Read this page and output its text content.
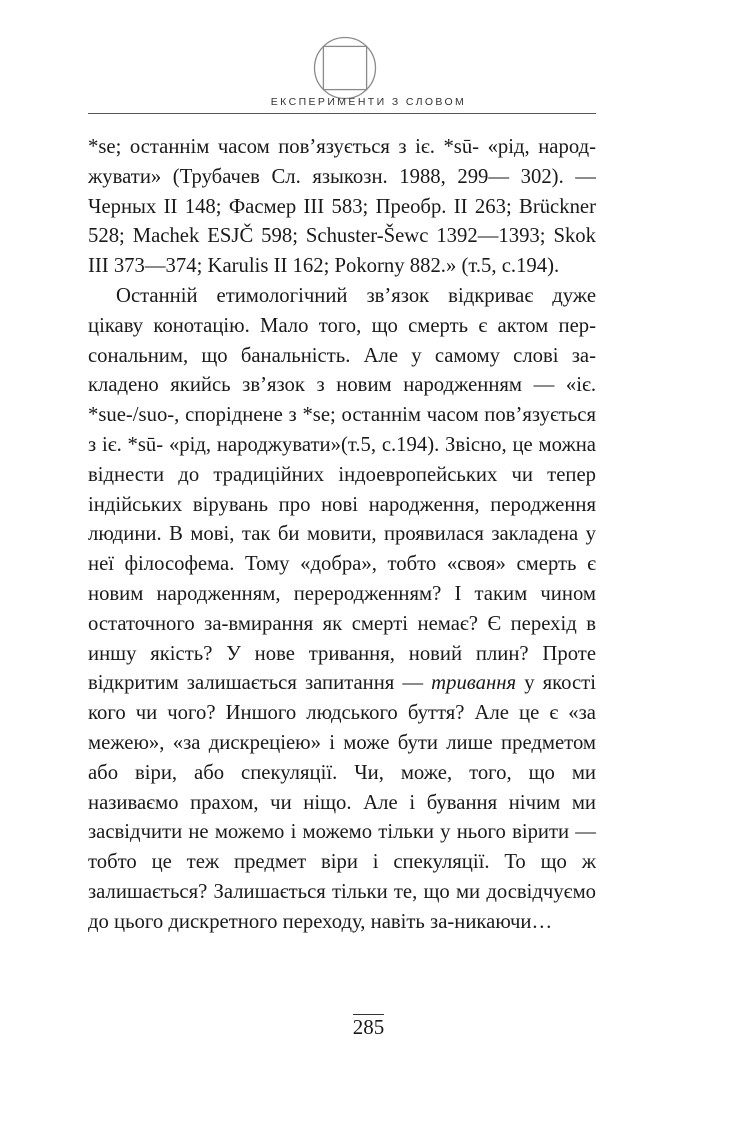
ЕКСПЕРИМЕНТИ З СЛОВОМ

*se; останнім часом пов’язується з іє. *sū- «рід, народжувати» (Трубачев Сл. языкозн. 1988, 299— 302). — Черных II 148; Фасмер III 583; Преобр. II 263; Brückner 528; Machek ESJČ 598; Schuster-Šewc 1392—1393; Skok III 373—374; Karulis II 162; Pokorny 882.» (т.5, с.194).

Останній етимологічний зв’язок відкриває дуже цікаву конотацію. Мало того, що смерть є актом персональним, що банальність. Але у самому слові закладено якийсь зв’язок з новим народженням — «іє. *sue-/suo-, споріднене з *se; останнім часом пов’язується з іє. *sū- «рід, народжувати»(т.5, с.194). Звісно, це можна віднести до традиційних індоевропейських чи тепер індійських вірувань про нові народження, перодження людини. В мові, так би мовити, проявилася закладена у неї філософема. Тому «добра», тобто «своя» смерть є новим народженням, переродженням? І таким чином остаточного за-вмирання як смерті немає? Є перехід в иншу якість? У нове тривання, новий плин? Проте відкритим залишається запитання — тривання у якості кого чи чого? Иншого людського буття? Але це є «за межею», «за дискреціею» і може бути лише предметом або віри, або спекуляції. Чи, може, того, що ми називаємо прахом, чи ніщо. Але і бування нічим ми засвідчити не можемо і можемо тільки у нього вірити — тобто це теж предмет віри і спекуляції. То що ж залишається? Залишається тільки те, що ми досвідчуємо до цього дискретного переходу, навіть за-никаючи…

285
